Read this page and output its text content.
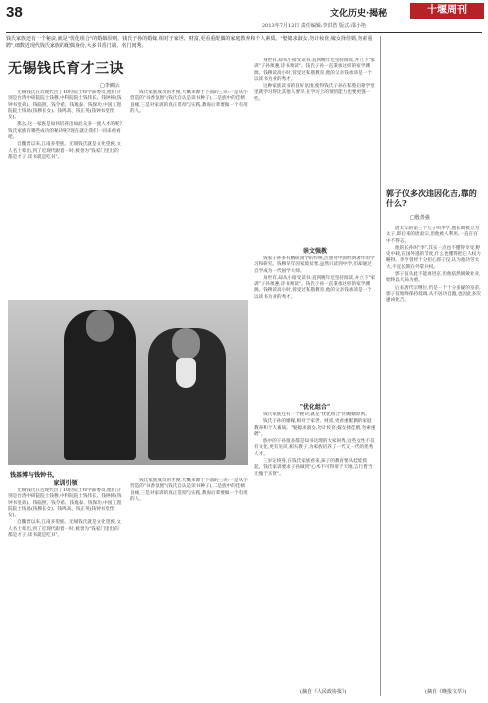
38	文化历史·揭秘	十堰周刊
2013年7月12日 责任编辑:李洪浩 版式:邵小艳
钱氏家族还有一个秘诀,就是"优化组合"的婚姻原则。钱氏子孙的婚嫁,相对于家世、财富,更看重配偶的家庭教养和个人素质。"娶媳求淑女,勿计妆奁;嫁女择佳婿,勿索重聘",细数近现代钱氏家族的配偶身份,大多书香门第、名门闺秀。
无锡钱氏育才三诀
□李湘云

无锡钱氏在近现代出了10位院士和学部委员,他们分别是台湾中研院院士钱穆,中科院院士钱伟长、钱钟韩(钱钟书堂弟)、钱临照、钱令希、钱逸泰、钱保功,中国工程院院士钱易(钱穆长女)、钱鸣高、钱正英(钱钟书堂侄女)。

那么,这一家族是如何培养出如此众多一流人才的呢?钱氏家族有哪些成功的秘诀呢?现在就让我们一同来看看吧。

自魏晋以来,江南多望族。无锡钱氏就是文化望族,文人名士辈出,到了近现代跟着一时,被誉为"钱家门里出的都是才子,读书就是吃书"。

钱氏家族成员的才俊,大概来源于下面的三诀:一是从小营造的"书香氛围"(钱氏自认是读书种子),二是族中的佳婿良缘,三是对家训的真正贯彻与实践,教诲后辈要做一个有用的人。

家训引领

无锡钱氏在近现代出了10位院士和学部委员,他们分别是台湾中研院院士钱穆,中科院院士钱伟长、钱钟韩(钱钟书堂弟)、钱临照、钱令希、钱逸泰、钱保功,中国工程院院士钱易(钱穆长女)、钱鸣高、钱正英(钱钟书堂侄女)。

自魏晋以来,江南多望族。无锡钱氏就是文化望族,文人名士辈出,到了近现代跟着一时,被誉为"钱家门里出的都是才子,读书就是吃书"。

钱氏家族成员的才俊,大概来源于下面的三诀:一是从小营造的"书香氛围"(钱氏自认是读书种子),二是族中的佳婿良缘,三是对家训的真正贯彻与实践,教诲后辈要做一个有用的人。

钱基博与钱钟书。

身世有,却从小接受读书,直到晚年还坚持阅读,并立下"家训"子孙须遵,诗书须读"。钱氏子孙一直秉承这样的家学渊源。钱穆读高小时,曾受过私塾教育,他的父亲钱承沛是一个以读书为业的秀才。

这种家族读书的良好氛围,使得钱氏子孙在私塾启蒙学堂里就学习得比其他人要早,在学习上的领悟能力也要更强一些。

崇文强教

钱家子孙多有精研国学的传统,注重对中国经典著作的学习和研究。钱穆早年因家境贫寒,虽然只读到中学,但却通过自学成为一代国学大师。

身世有,却从小接受读书,直到晚年还坚持阅读,并立下"家训"子孙须遵,诗书须读"。钱氏子孙一直秉承这样的家学渊源。钱穆读高小时,曾受过私塾教育,他的父亲钱承沛是一个以读书为业的秀才。

"优化组合"

钱氏家族还有一个秘诀,就是"优化组合"的婚姻原则。

钱氏子孙的婚嫁,相对于家世、财富,更看重配偶的家庭教养和个人素质。"娶媳求淑女,勿计妆奁;嫁女择佳婿,勿索重聘"。

族中的子孙很多都是知书达理的大家闺秀,这些女性不仅有文化,更有见识,相夫教子,为家族培养了一代又一代的优秀人才。

三岁定终身,在钱氏家族看来,孩子的教育要从娃娃抓起。钱氏家训要求子孙做到"心术不可得罪于天地,言行皆当无愧于圣贤"。

(摘自《人民政协报》)
郭子仪多次违因化吉,靠的什么?
□殷善强

唐太宗的第三个儿子叫李亨,他长期被立为太子,即后来的唐肃宗,但他被人利用,一直在宫中不得志。

他的长孙叫"李",其实一点也不懂得享受,野史中载,在国外逃的节度,什么也懂得把它人权力略得。李亨曾经十分担心郭子仪,认为他功劳太大,不宜长期在外掌兵权。

郭子仪从此不能再进京,但他依然兢兢业业,始终以大局为重。

后来唐代宗继位,仍是一个十分多疑的皇帝,郭子仪始终保持低调,从不居功自傲,也因此多次逢凶化吉。

(摘自《晚报文萃》)
